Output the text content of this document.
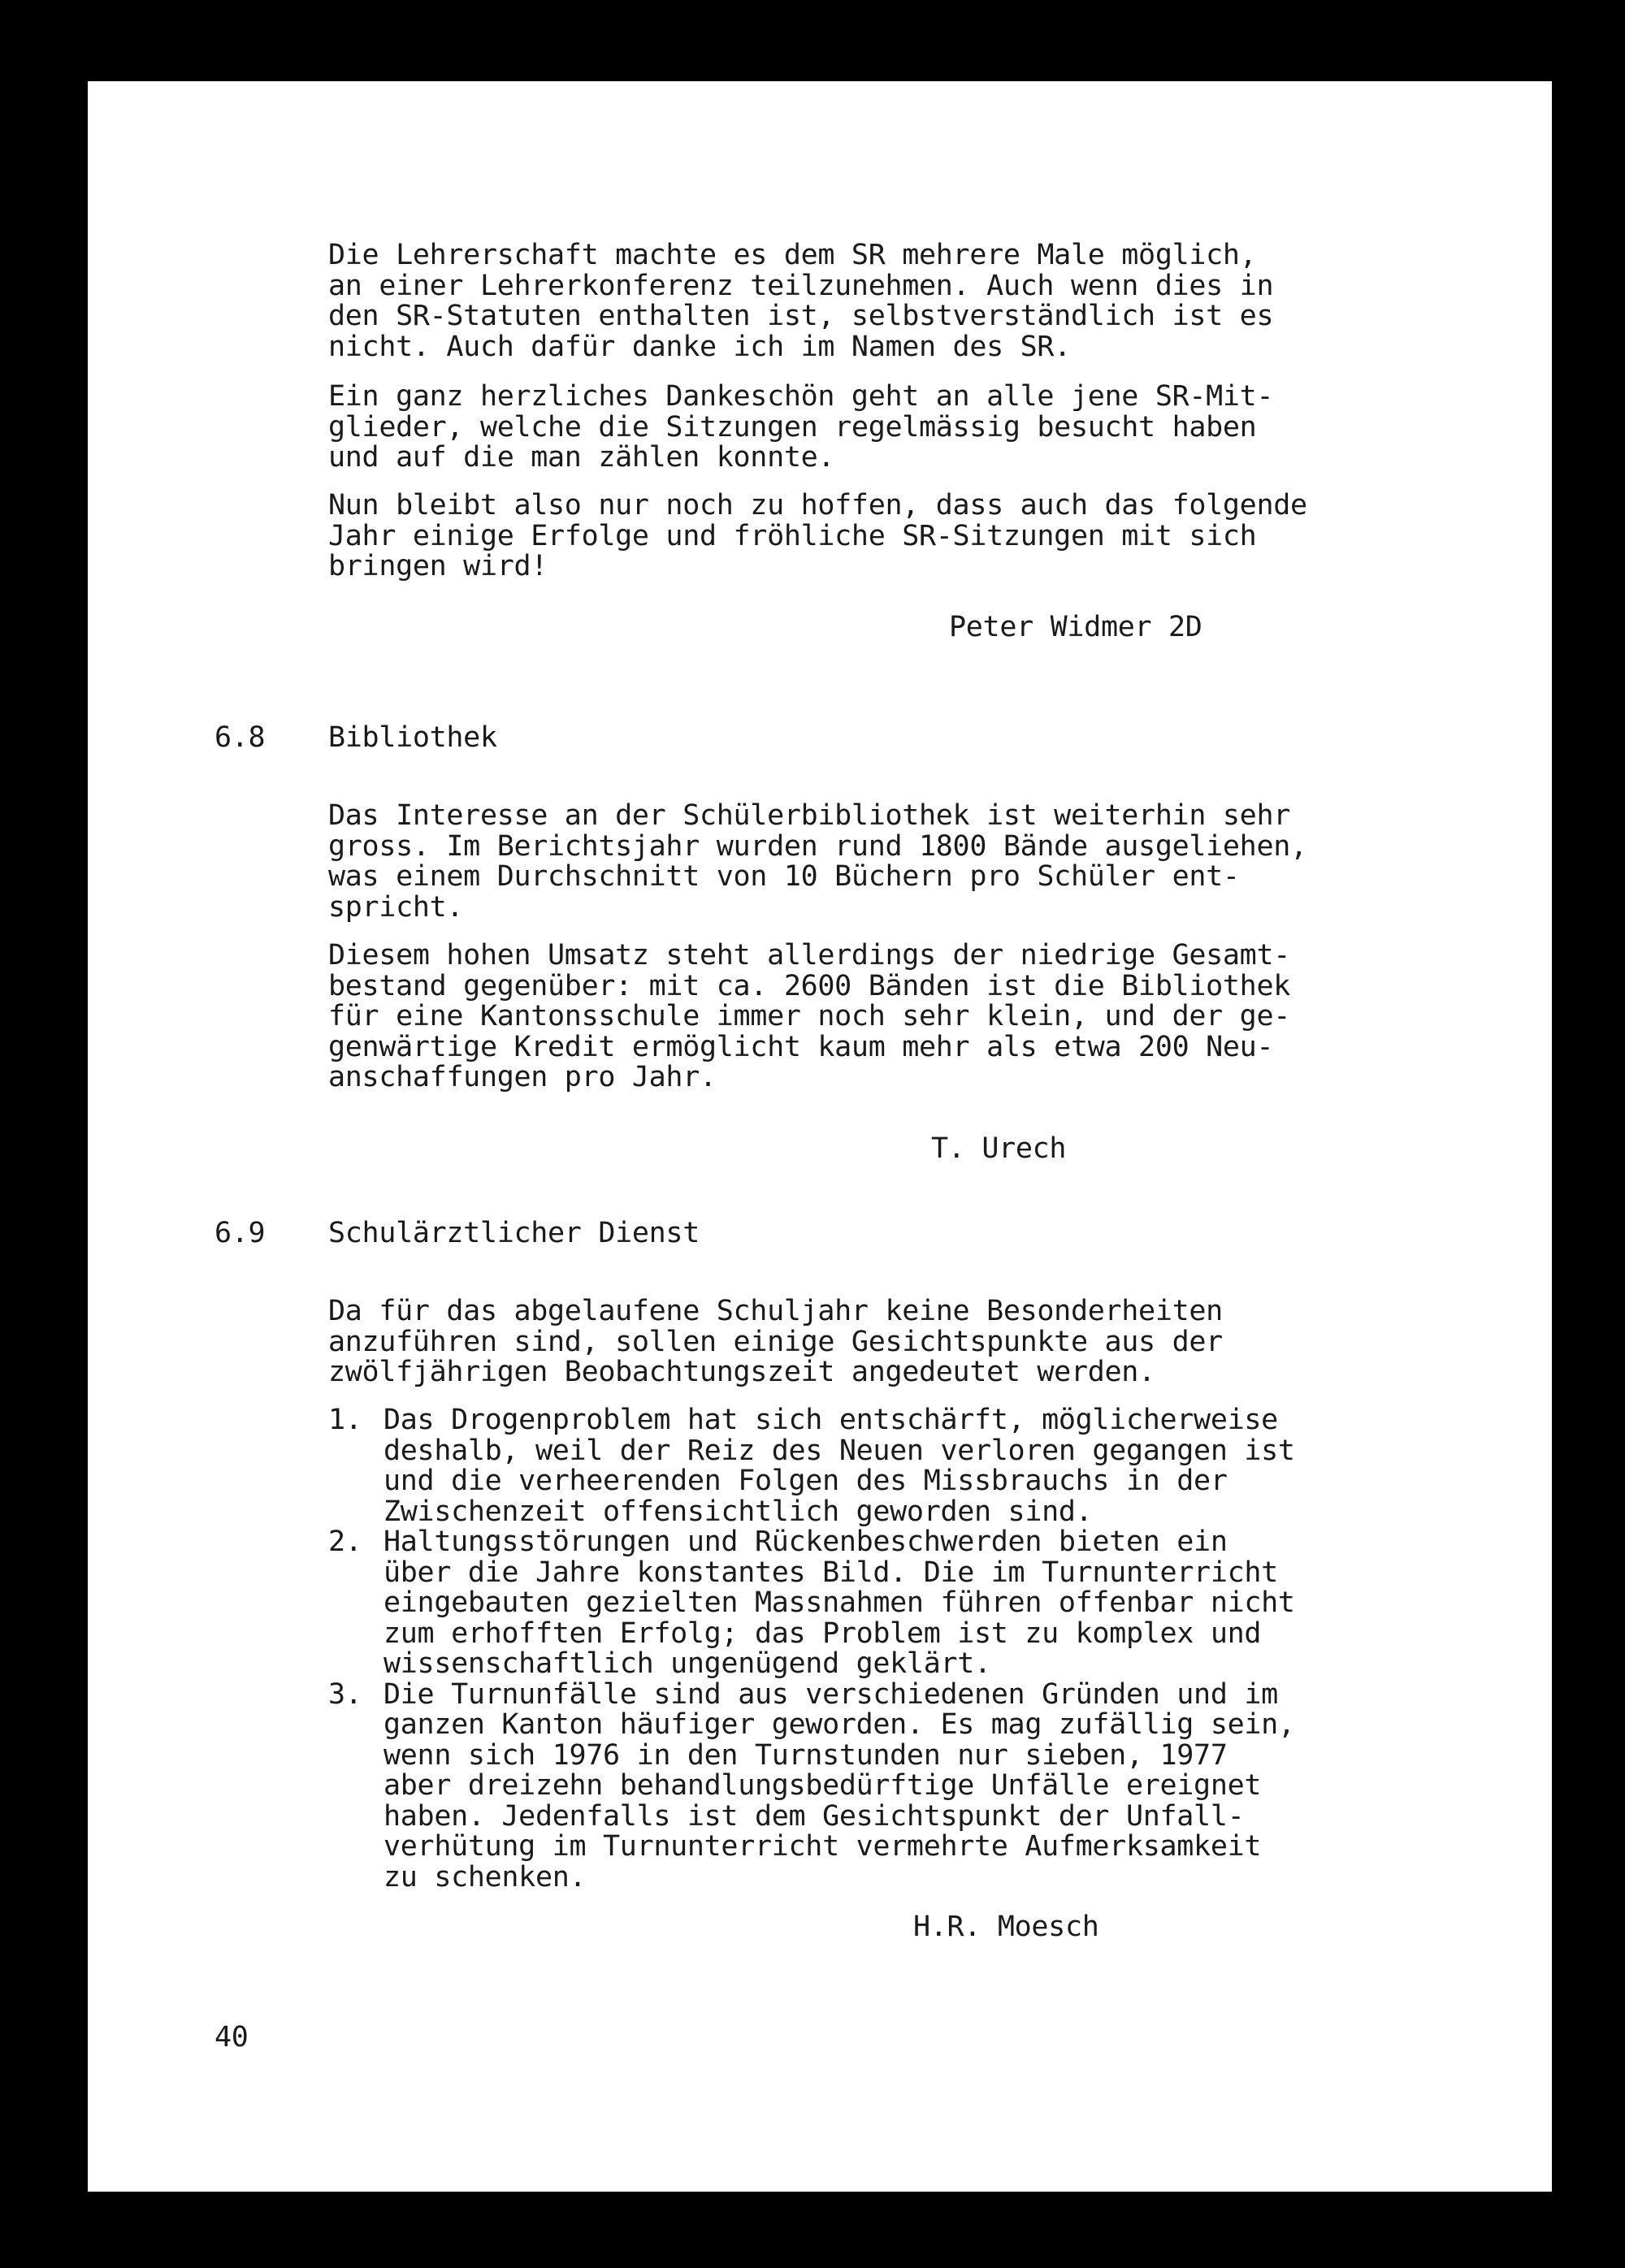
Die Lehrerschaft machte es dem SR mehrere Male möglich,

an einer Lehrerkonferenz teilzunehmen. Auch wenn dies in

den SR-Statuten enthalten ist, selbstverständlich ist es

nicht. Auch dafür danke ich im Namen des SR.

Ein ganz herzliches Dankeschön geht an alle jene SR-Mit-

glieder, welche die Sitzungen regelmässig besucht haben

und auf die man zählen konnte.

Nun bleibt also nur noch zu hoffen, dass auch das folgende

Jahr einige Erfolge und fröhliche SR-Sitzungen mit sich

bringen wird!

Peter Widmer 2D
6.8 Bibliothek

Das Interesse an der Schülerbibliothek ist weiterhin sehr

gross. Im Berichtsjahr wurden rund 1800 Bände ausgeliehen,

was einem Durchschnitt von 10 Büchern pro Schüler ent-

spricht.

Diesem hohen Umsatz steht allerdings der niedrige Gesamt-

bestand gegenüber: mit ca. 2600 Bänden ist die Bibliothek

für eine Kantonsschule immer noch sehr klein, und der ge-

genwärtige Kredit ermöglicht kaum mehr als etwa 200 Neu-

anschaffungen pro Jahr.

T. Urech
6.9 Schulärztlicher Dienst

Da für das abgelaufene Schuljahr keine Besonderheiten

anzuführen sind, sollen einige Gesichtspunkte aus der

zwölfjährigen Beobachtungszeit angedeutet werden.

1. Das Drogenproblem hat sich entschärft, möglicherweise
deshalb, weil der Reiz des Neuen verloren gegangen ist
und die verheerenden Folgen des Missbrauchs in der
Zwischenzeit offensichtlich geworden sind.
2. Haltungsstörungen und Rückenbeschwerden bieten ein
über die Jahre konstantes Bild. Die im Turnunterricht
eingebauten gezielten Massnahmen führen offenbar nicht
zum erhofften Erfolg; das Problem ist zu komplex und
wissenschaftlich ungenügend geklärt.
3. Die Turnunfälle sind aus verschiedenen Gründen und im
ganzen Kanton häufiger geworden. Es mag zufällig sein,
wenn sich 1976 in den Turnstunden nur sieben, 1977
aber dreizehn behandlungsbedürftige Unfälle ereignet
haben. Jedenfalls ist dem Gesichtspunkt der Unfall-
verhütung im Turnunterricht vermehrte Aufmerksamkeit
zu schenken.
H.R. Moesch
40
